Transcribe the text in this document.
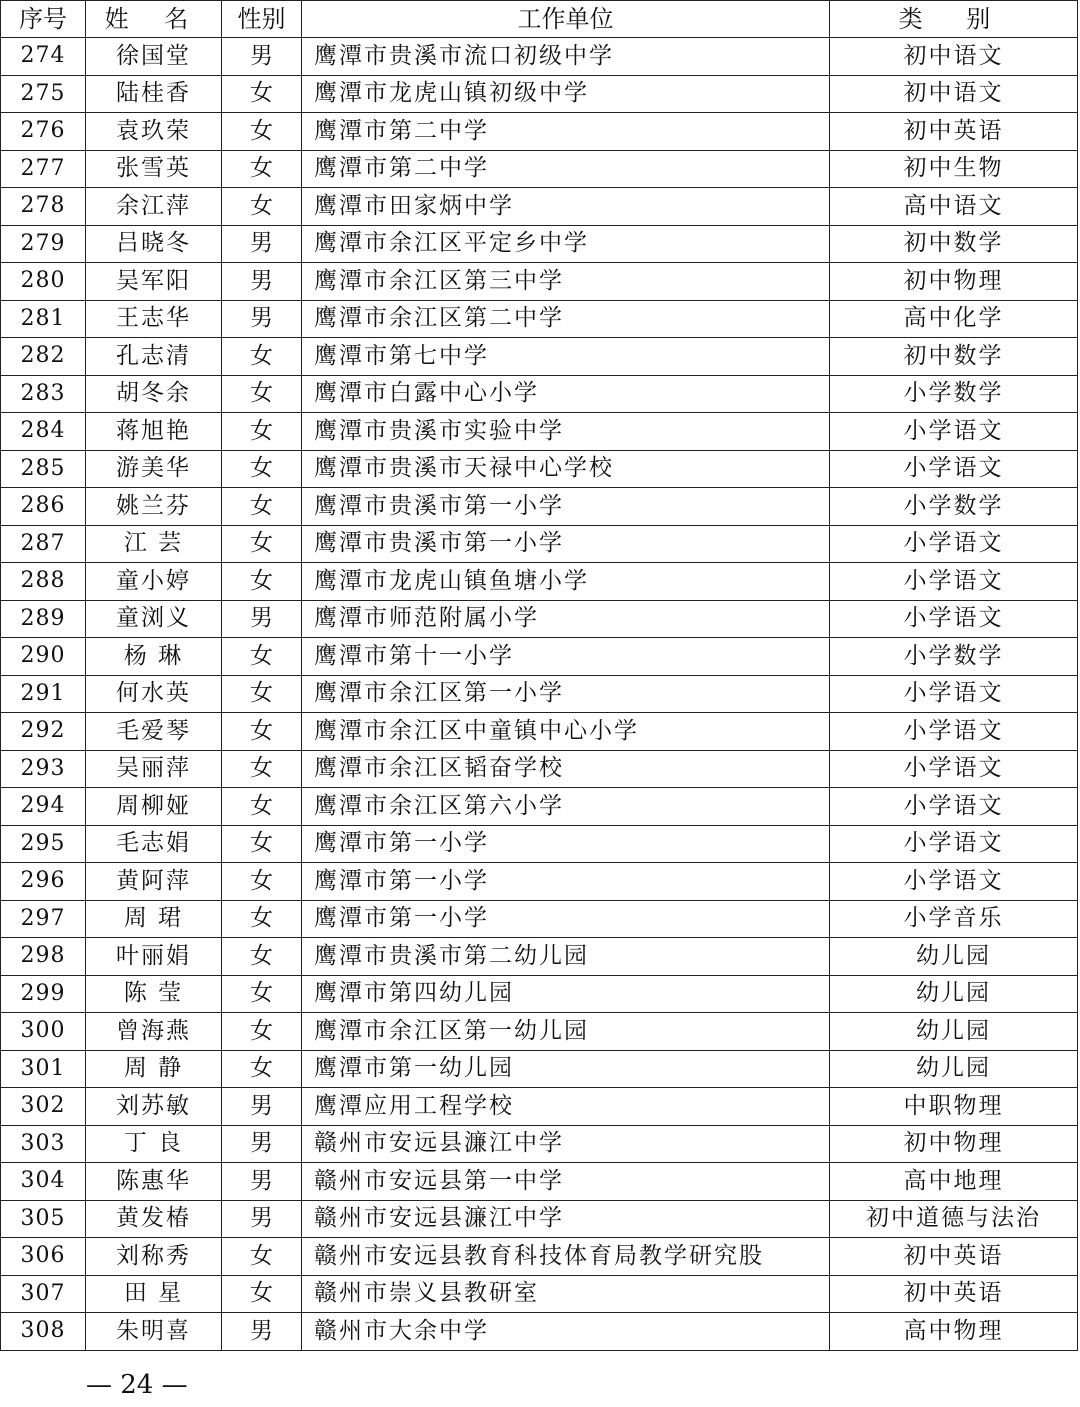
序号	姓 名	性别	工作单位	类 别
274	徐国堂	男	鹰潭市贵溪市流口初级中学	初中语文
275	陆桂香	女	鹰潭市龙虎山镇初级中学	初中语文
276	袁玖荣	女	鹰潭市第二中学	初中英语
277	张雪英	女	鹰潭市第二中学	初中生物
278	余江萍	女	鹰潭市田家炳中学	高中语文
279	吕晓冬	男	鹰潭市余江区平定乡中学	初中数学
280	吴军阳	男	鹰潭市余江区第三中学	初中物理
281	王志华	男	鹰潭市余江区第二中学	高中化学
282	孔志清	女	鹰潭市第七中学	初中数学
283	胡冬余	女	鹰潭市白露中心小学	小学数学
284	蒋旭艳	女	鹰潭市贵溪市实验中学	小学语文
285	游美华	女	鹰潭市贵溪市天禄中心学校	小学语文
286	姚兰芬	女	鹰潭市贵溪市第一小学	小学数学
287	江 芸	女	鹰潭市贵溪市第一小学	小学语文
288	童小婷	女	鹰潭市龙虎山镇鱼塘小学	小学语文
289	童浏义	男	鹰潭市师范附属小学	小学语文
290	杨 琳	女	鹰潭市第十一小学	小学数学
291	何水英	女	鹰潭市余江区第一小学	小学语文
292	毛爱琴	女	鹰潭市余江区中童镇中心小学	小学语文
293	吴丽萍	女	鹰潭市余江区韬奋学校	小学语文
294	周柳娅	女	鹰潭市余江区第六小学	小学语文
295	毛志娟	女	鹰潭市第一小学	小学语文
296	黄阿萍	女	鹰潭市第一小学	小学语文
297	周 珺	女	鹰潭市第一小学	小学音乐
298	叶丽娟	女	鹰潭市贵溪市第二幼儿园	幼儿园
299	陈 莹	女	鹰潭市第四幼儿园	幼儿园
300	曾海燕	女	鹰潭市余江区第一幼儿园	幼儿园
301	周 静	女	鹰潭市第一幼儿园	幼儿园
302	刘苏敏	男	鹰潭应用工程学校	中职物理
303	丁 良	男	赣州市安远县濂江中学	初中物理
304	陈惠华	男	赣州市安远县第一中学	高中地理
305	黄发椿	男	赣州市安远县濂江中学	初中道德与法治
306	刘称秀	女	赣州市安远县教育科技体育局教学研究股	初中英语
307	田 星	女	赣州市崇义县教研室	初中英语
308	朱明喜	男	赣州市大余中学	高中物理
— 24 —
